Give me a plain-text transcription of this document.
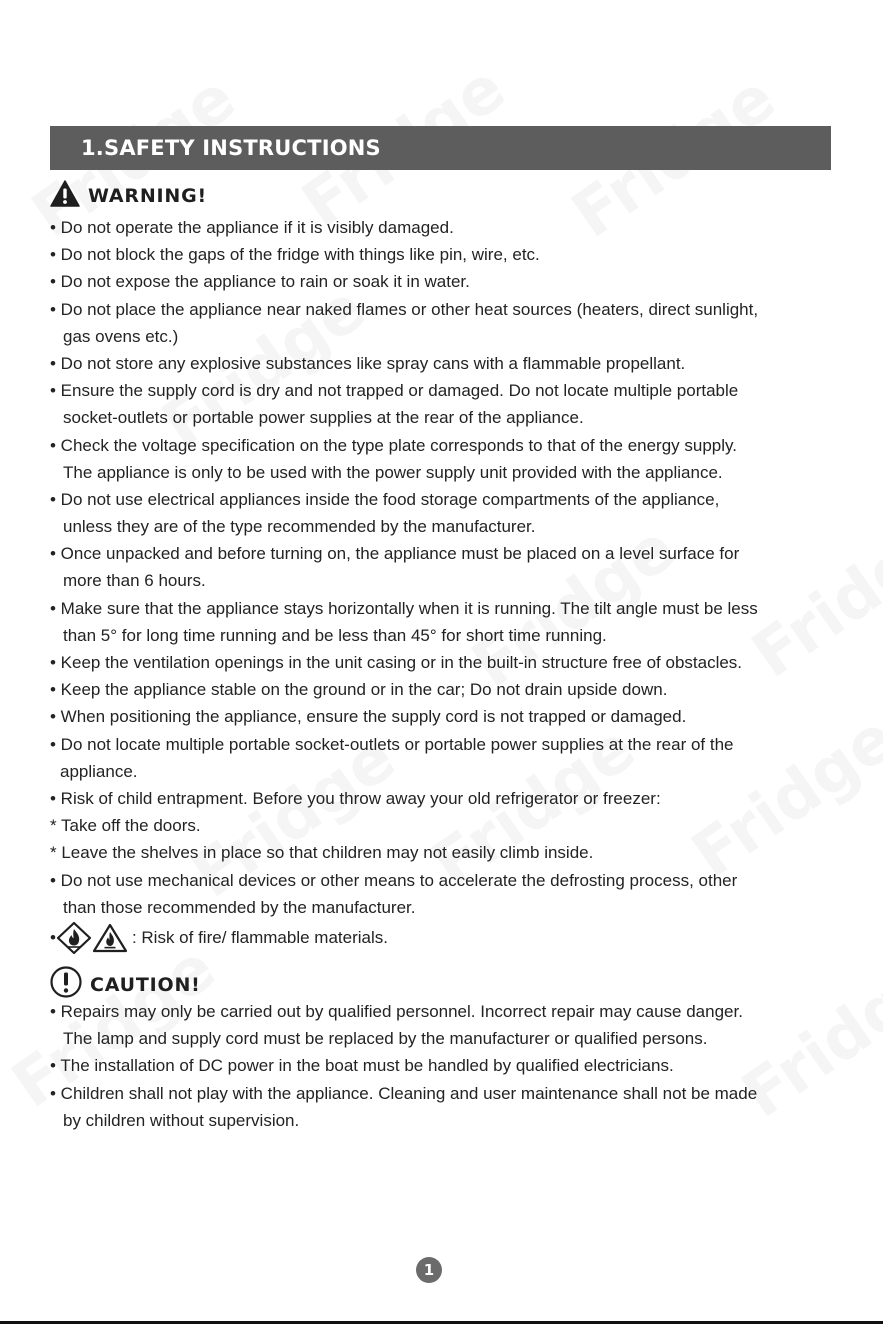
1.SAFETY INSTRUCTIONS
WARNING!
• Do not operate the appliance if it is visibly damaged.
• Do not block the gaps of the fridge with things like pin, wire, etc.
• Do not expose the appliance to rain or soak it in water.
• Do not place the appliance near naked flames or other heat sources (heaters, direct sunlight,
gas ovens etc.)
• Do not store any explosive substances like spray cans with a flammable propellant.
• Ensure the supply cord is dry and not trapped or damaged. Do not locate multiple portable
socket-outlets or portable power supplies at the rear of the appliance.
• Check the voltage specification on the type plate corresponds to that of the energy supply.
The appliance is only to be used with the power supply unit provided with the appliance.
• Do not use electrical appliances inside the food storage compartments of the appliance,
unless they are of the type recommended by the manufacturer.
• Once unpacked and before turning on, the appliance must be placed on a level surface for
more than 6 hours.
• Make sure that the appliance stays horizontally when it is running. The tilt angle must be less
than 5° for long time running and be less than 45° for short time running.
• Keep the ventilation openings in the unit casing or in the built-in structure free of obstacles.
• Keep the appliance stable on the ground or in the car; Do not drain upside down.
• When positioning the appliance, ensure the supply cord is not trapped or damaged.
• Do not locate multiple portable socket-outlets or portable power supplies at the rear of the
appliance.
• Risk of child entrapment. Before you throw away your old refrigerator or freezer:
* Take off the doors.
* Leave the shelves in place so that children may not easily climb inside.
• Do not use mechanical devices or other means to accelerate the defrosting process, other
than those recommended by the manufacturer.
•	: Risk of fire/ flammable materials.
CAUTION!
• Repairs may only be carried out by qualified personnel. Incorrect repair may cause danger.
The lamp and supply cord must be replaced by the manufacturer or qualified persons.
• The installation of DC power in the boat must be handled by qualified electricians.
• Children shall not play with the appliance. Cleaning and user maintenance shall not be made
by children without supervision.
1
